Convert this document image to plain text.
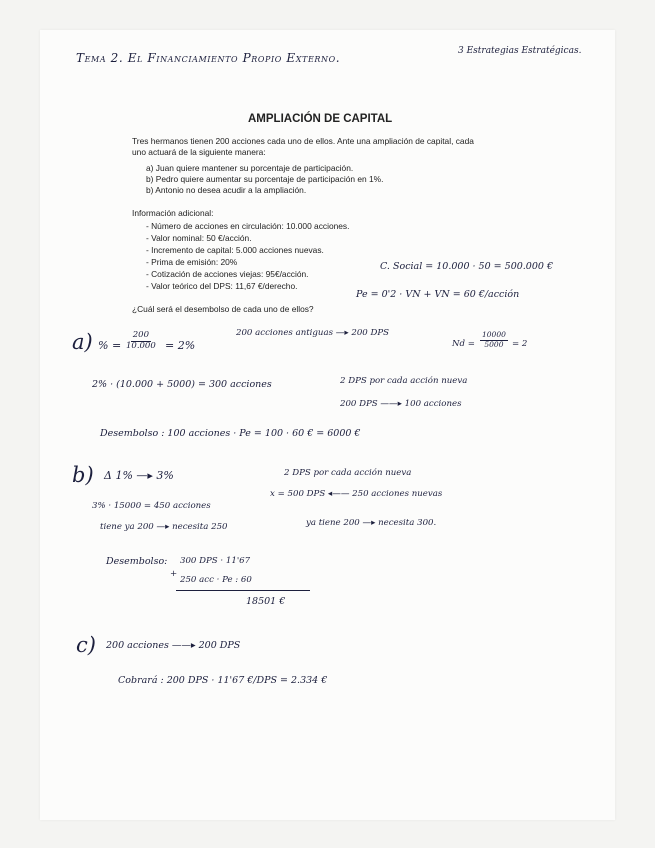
Tema 2. El Financiamiento Propio Externo.	3 Estrategias Estratégicas.
AMPLIACIÓN DE CAPITAL
Tres hermanos tienen 200 acciones cada uno de ellos. Ante una ampliación de capital, cada
uno actuará de la siguiente manera:
a) Juan quiere mantener su porcentaje de participación.
b) Pedro quiere aumentar su porcentaje de participación en 1%.
b) Antonio no desea acudir a la ampliación.
Información adicional:
- Número de acciones en circulación: 10.000 acciones.
- Valor nominal: 50 €/acción.
- Incremento de capital: 5.000 acciones nuevas.
- Prima de emisión: 20%
- Cotización de acciones viejas: 95€/acción.
- Valor teórico del DPS: 11,67 €/derecho.
¿Cuál será el desembolso de cada uno de ellos?
C. Social = 10.000 · 50 = 500.000 €
Pe = 0'2 · VN + VN = 60 €/acción
a) % = $\frac{200}{10.000} = 2\%$
200 acciones antiguas —▸ 200 DPS
$Nd = \frac{10000}{5000} = 2$
2% · (10.000 + 5000) = 300 acciones	2 DPS por cada acción nueva
200 DPS ——▸ 100 acciones
Desembolso : 100 acciones · Pe = 100 · 60 € = 6000 €
b) Δ 1% —▸ 3%	2 DPS por cada acción nueva
3% · 15000 = 450 acciones
x = 500 DPS ◂—— 250 acciones nuevas
tiene ya 200 —▸ necesita 250	ya tiene 200 —▸ necesita 300.
Desembolso:
+
300 DPS · 11'67
250 acc · Pe : 60
18501 €
c) 200 acciones ——▸ 200 DPS
Cobrará : 200 DPS · 11'67 €/DPS = 2.334 €
